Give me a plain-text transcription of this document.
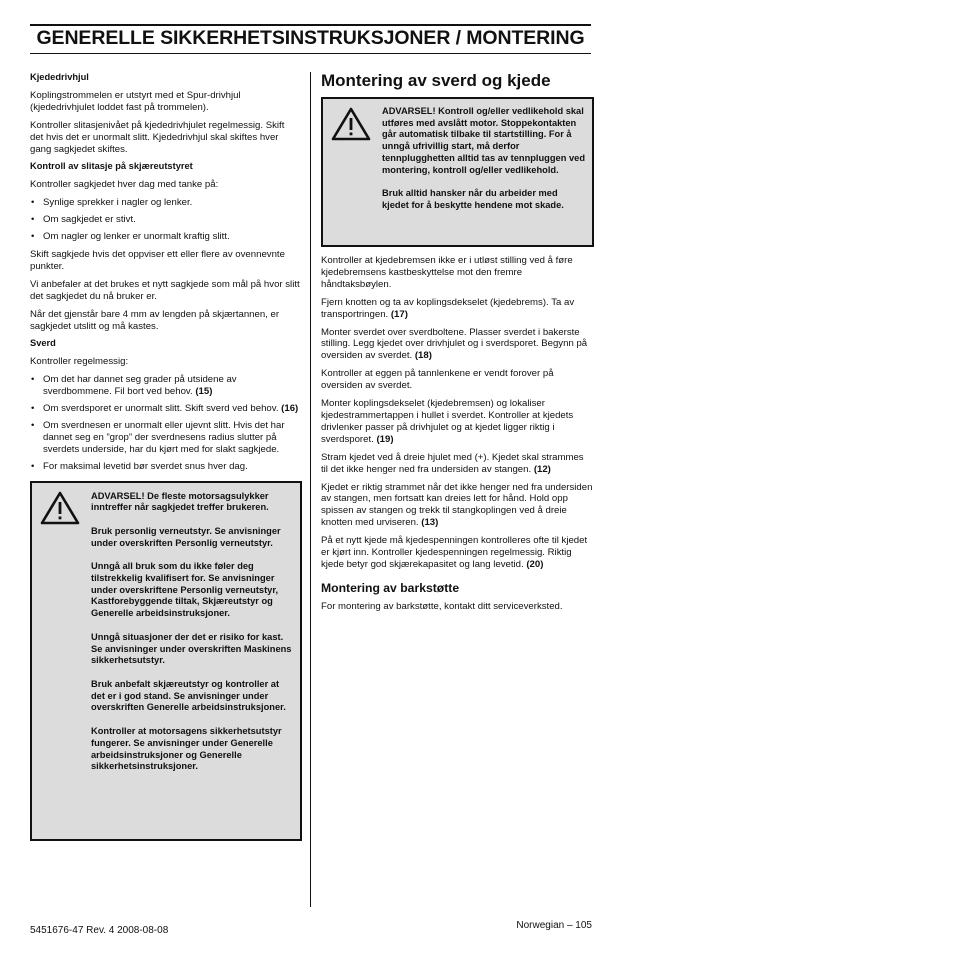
GENERELLE SIKKERHETSINSTRUKSJONER / MONTERING
Kjededrivhjul

Koplingstrommelen er utstyrt med et Spur-drivhjul (kjededrivhjulet loddet fast på trommelen).

Kontroller slitasjenivået på kjededrivhjulet regelmessig. Skift det hvis det er unormalt slitt. Kjededrivhjul skal skiftes hver gang sagkjedet skiftes.

Kontroll av slitasje på skjæreutstyret

Kontroller sagkjedet hver dag med tanke på:

• Synlige sprekker i nagler og lenker.
• Om sagkjedet er stivt.
• Om nagler og lenker er unormalt kraftig slitt.

Skift sagkjede hvis det oppviser ett eller flere av ovennevnte punkter.

Vi anbefaler at det brukes et nytt sagkjede som mål på hvor slitt det sagkjedet du nå bruker er.

Når det gjenstår bare 4 mm av lengden på skjærtannen, er sagkjedet utslitt og må kastes.

Sverd

Kontroller regelmessig:

• Om det har dannet seg grader på utsidene av sverdbommene. Fil bort ved behov. (15)
• Om sverdsporet er unormalt slitt. Skift sverd ved behov. (16)
• Om sverdnesen er unormalt eller ujevnt slitt. Hvis det har dannet seg en ”grop” der sverdnesens radius slutter på sverdets underside, har du kjørt med for slakt sagkjede.
• For maksimal levetid bør sverdet snus hver dag.

ADVARSEL! De fleste motorsagsulykker inntreffer når sagkjedet treffer brukeren.

Bruk personlig verneutstyr. Se anvisninger under overskriften Personlig verneutstyr.

Unngå all bruk som du ikke føler deg tilstrekkelig kvalifisert for. Se anvisninger under overskriftene Personlig verneutstyr, Kastforebyggende tiltak, Skjæreutstyr og Generelle arbeidsinstruksjoner.

Unngå situasjoner der det er risiko for kast. Se anvisninger under overskriften Maskinens sikkerhetsutstyr.

Bruk anbefalt skjæreutstyr og kontroller at det er i god stand. Se anvisninger under overskriften Generelle arbeidsinstruksjoner.

Kontroller at motorsagens sikkerhetsutstyr fungerer. Se anvisninger under Generelle arbeidsinstruksjoner og Generelle sikkerhetsinstruksjoner.

Montering av sverd og kjede

ADVARSEL! Kontroll og/eller vedlikehold skal utføres med avslått motor. Stoppekontakten går automatisk tilbake til startstilling. For å unngå ufrivillig start, må derfor tennplugghetten alltid tas av tennpluggen ved montering, kontroll og/eller vedlikehold.

Bruk alltid hansker når du arbeider med kjedet for å beskytte hendene mot skade.

Kontroller at kjedebremsen ikke er i utløst stilling ved å føre kjedebremsens kastbeskyttelse mot den fremre håndtaksbøylen.

Fjern knotten og ta av koplingsdekselet (kjedebrems). Ta av transportringen. (17)

Monter sverdet over sverdboltene. Plasser sverdet i bakerste stilling. Legg kjedet over drivhjulet og i sverdsporet. Begynn på oversiden av sverdet. (18)

Kontroller at eggen på tannlenkene er vendt forover på oversiden av sverdet.

Monter koplingsdekselet (kjedebremsen) og lokaliser kjedestrammertappen i hullet i sverdet. Kontroller at kjedets drivlenker passer på drivhjulet og at kjedet ligger riktig i sverdsporet. (19)

Stram kjedet ved å dreie hjulet med (+). Kjedet skal strammes til det ikke henger ned fra undersiden av stangen. (12)

Kjedet er riktig strammet når det ikke henger ned fra undersiden av stangen, men fortsatt kan dreies lett for hånd. Hold opp spissen av stangen og trekk til stangkoplingen ved å dreie knotten med urviseren. (13)

På et nytt kjede må kjedespenningen kontrolleres ofte til kjedet er kjørt inn. Kontroller kjedespenningen regelmessig. Riktig kjede betyr god skjærekapasitet og lang levetid. (20)

Montering av barkstøtte

For montering av barkstøtte, kontakt ditt serviceverksted.

5451676-47 Rev. 4 2008-08-08	Norwegian – 105
